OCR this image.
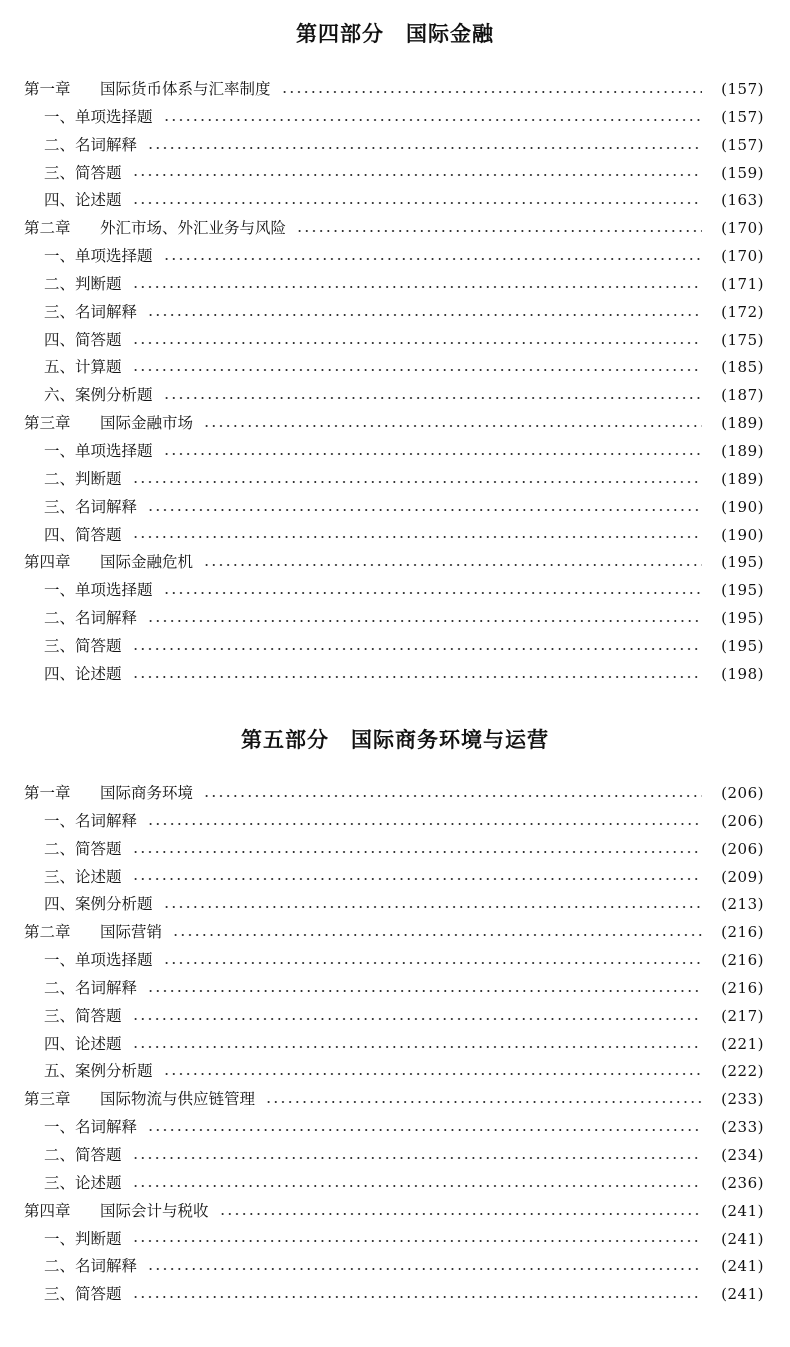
第四部分 国际金融
第一章 国际货币体系与汇率制度	(157)
一、单项选择题	(157)
二、名词解释	(157)
三、简答题	(159)
四、论述题	(163)
第二章 外汇市场、外汇业务与风险	(170)
一、单项选择题	(170)
二、判断题	(171)
三、名词解释	(172)
四、简答题	(175)
五、计算题	(185)
六、案例分析题	(187)
第三章 国际金融市场	(189)
一、单项选择题	(189)
二、判断题	(189)
三、名词解释	(190)
四、简答题	(190)
第四章 国际金融危机	(195)
一、单项选择题	(195)
二、名词解释	(195)
三、简答题	(195)
四、论述题	(198)
第五部分 国际商务环境与运营
第一章 国际商务环境	(206)
一、名词解释	(206)
二、简答题	(206)
三、论述题	(209)
四、案例分析题	(213)
第二章 国际营销	(216)
一、单项选择题	(216)
二、名词解释	(216)
三、简答题	(217)
四、论述题	(221)
五、案例分析题	(222)
第三章 国际物流与供应链管理	(233)
一、名词解释	(233)
二、简答题	(234)
三、论述题	(236)
第四章 国际会计与税收	(241)
一、判断题	(241)
二、名词解释	(241)
三、简答题	(241)
